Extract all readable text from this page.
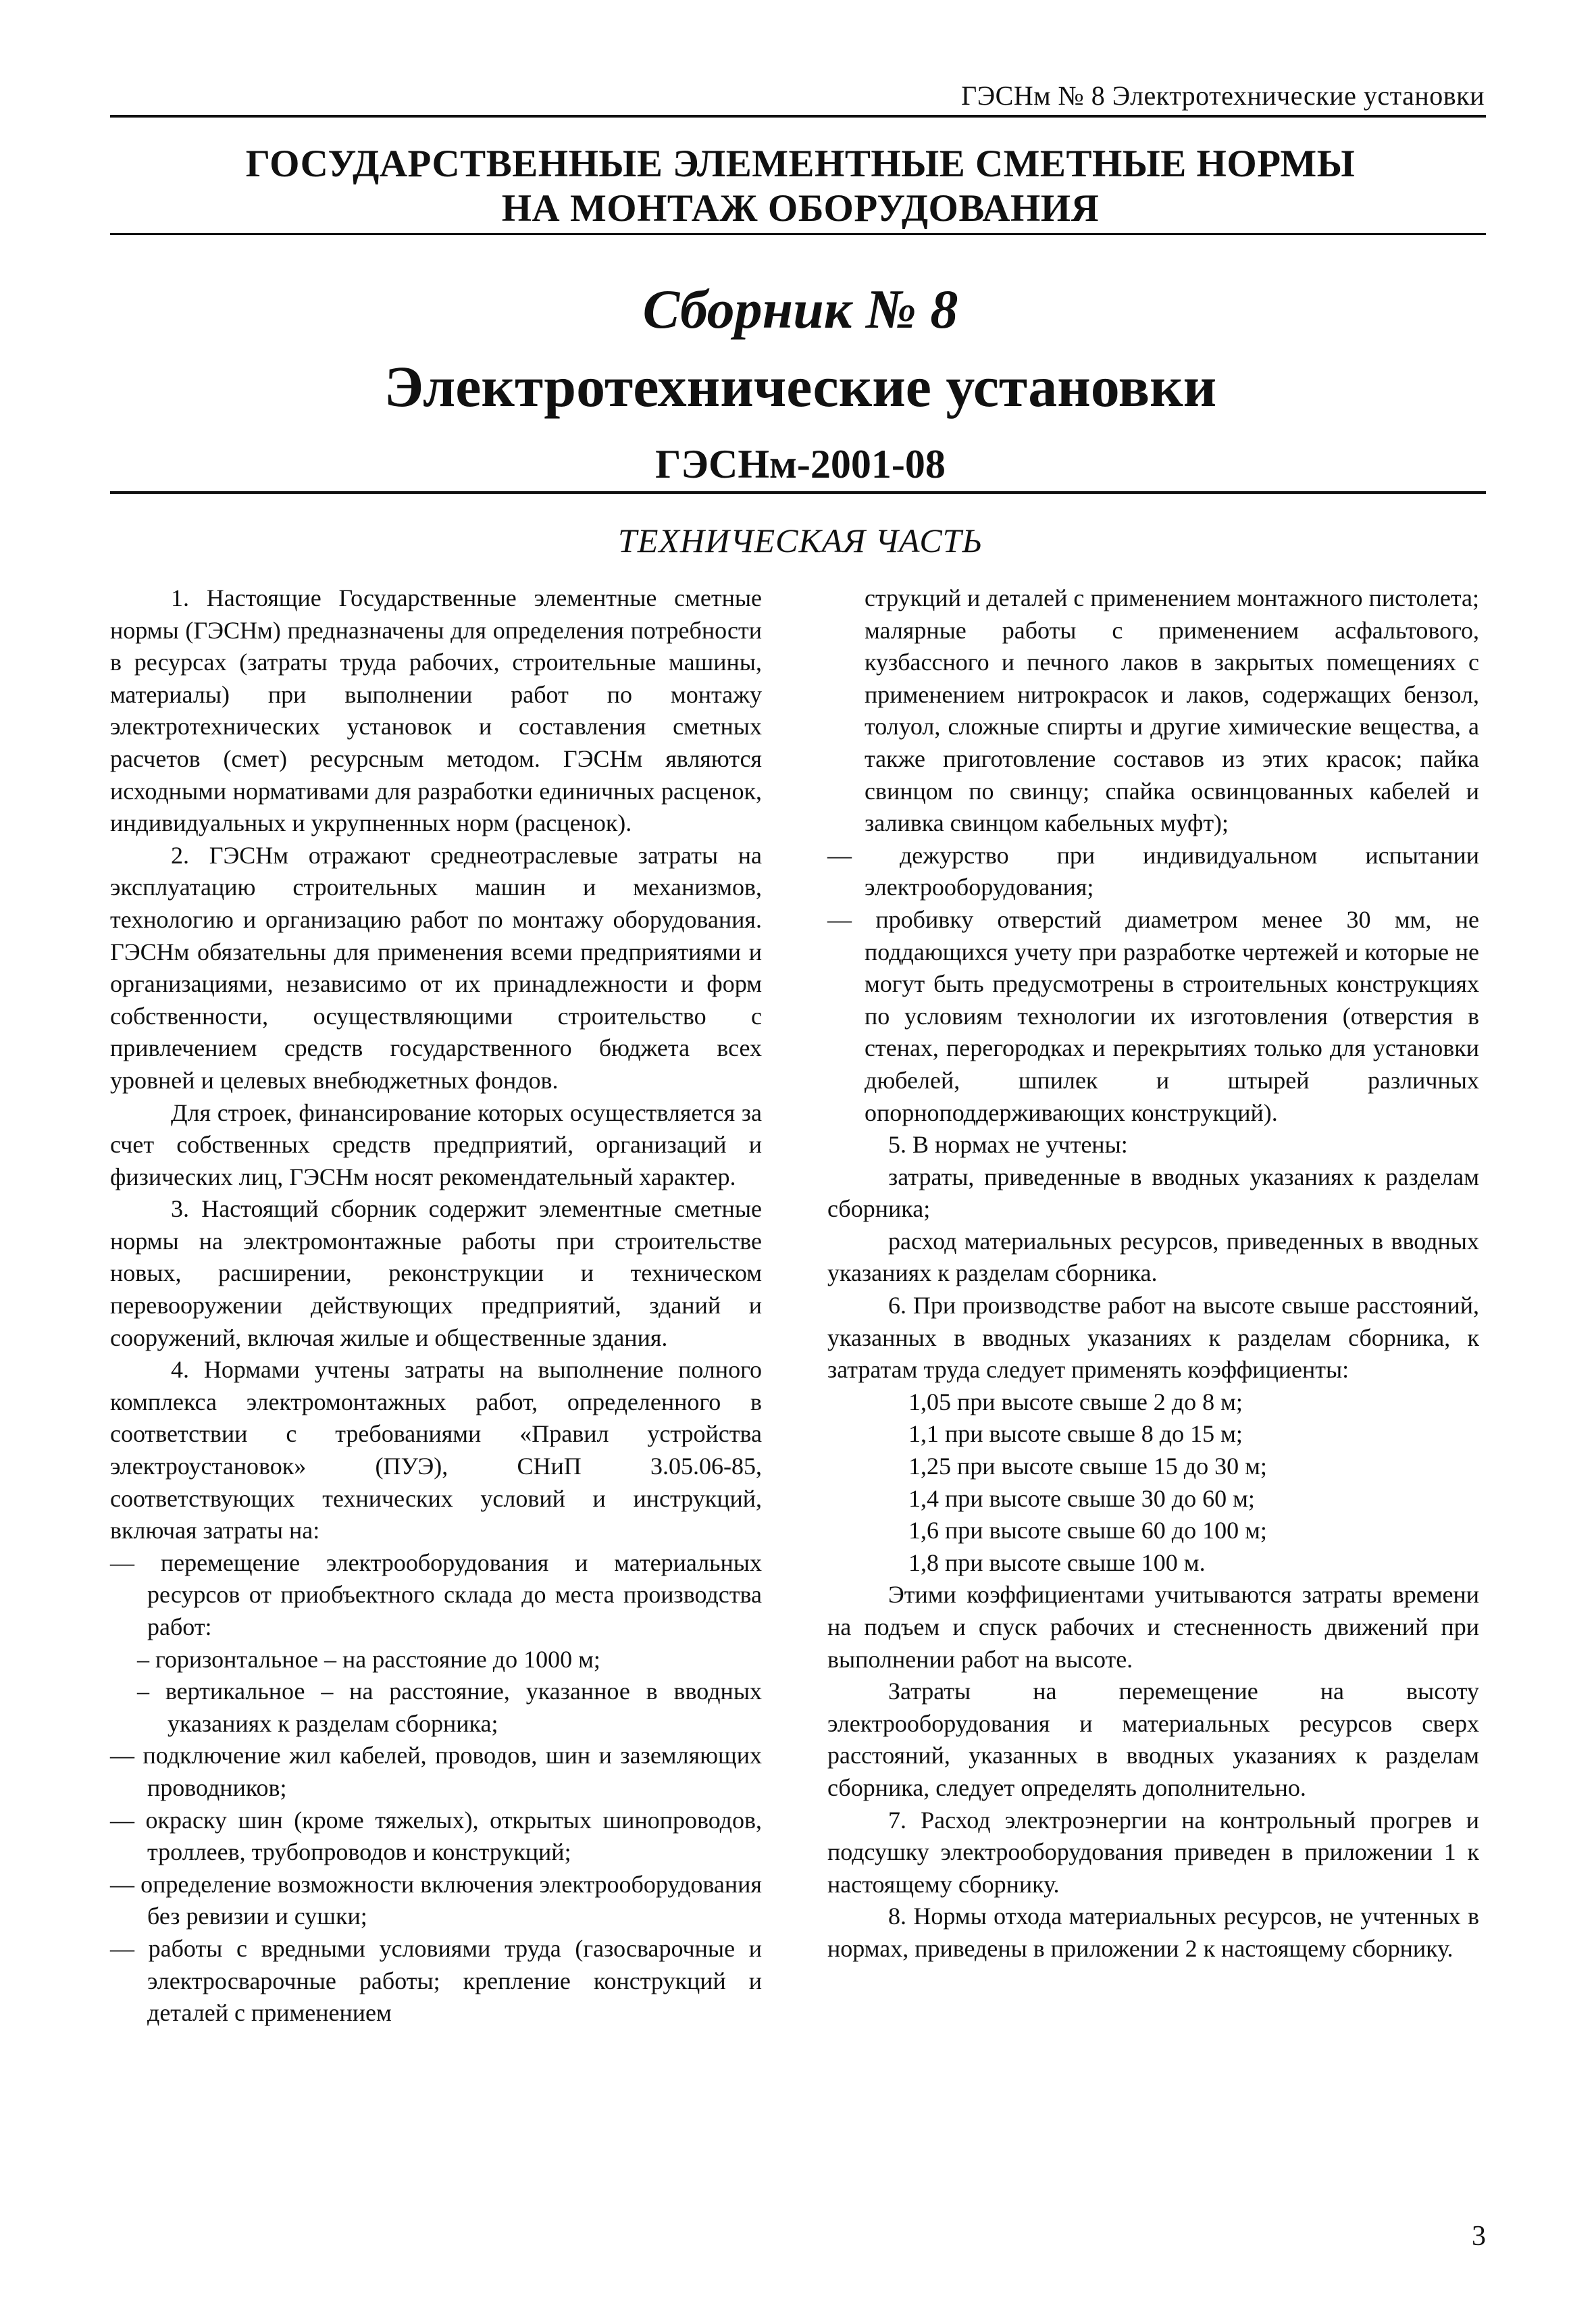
ГЭСНм № 8 Электротехнические установки
ГОСУДАРСТВЕННЫЕ ЭЛЕМЕНТНЫЕ СМЕТНЫЕ НОРМЫ
НА МОНТАЖ ОБОРУДОВАНИЯ
Сборник № 8
Электротехнические установки
ГЭСНм-2001-08
ТЕХНИЧЕСКАЯ ЧАСТЬ

1. Настоящие Государственные элементные сметные нормы (ГЭСНм) предназначены для определения потребности в ресурсах (затраты труда рабочих, строительные машины, материалы) при выполнении работ по монтажу электротехнических установок и составления сметных расчетов (смет) ресурсным методом. ГЭСНм являются исходными нормативами для разработки единичных расценок, индивидуальных и укрупненных норм (расценок).

2. ГЭСНм отражают среднеотраслевые затраты на эксплуатацию строительных машин и механизмов, технологию и организацию работ по монтажу оборудования. ГЭСНм обязательны для применения всеми предприятиями и организациями, независимо от их принадлежности и форм собственности, осуществляющими строительство с привлечением средств государственного бюджета всех уровней и целевых внебюджетных фондов.

Для строек, финансирование которых осуществляется за счет собственных средств предприятий, организаций и физических лиц, ГЭСНм носят рекомендательный характер.

3. Настоящий сборник содержит элементные сметные нормы на электромонтажные работы при строительстве новых, расширении, реконструкции и техническом перевооружении действующих предприятий, зданий и сооружений, включая жилые и общественные здания.

4. Нормами учтены затраты на выполнение полного комплекса электромонтажных работ, определенного в соответствии с требованиями «Правил устройства электроустановок» (ПУЭ), СНиП 3.05.06-85, соответствующих технических условий и инструкций, включая затраты на:

— перемещение электрооборудования и материальных ресурсов от приобъектного склада до места производства работ:

– горизонтальное – на расстояние до 1000 м;

– вертикальное – на расстояние, указанное в вводных указаниях к разделам сборника;

— подключение жил кабелей, проводов, шин и заземляющих проводников;

— окраску шин (кроме тяжелых), открытых шинопроводов, троллеев, трубопроводов и конструкций;

— определение возможности включения электрооборудования без ревизии и сушки;

— работы с вредными условиями труда (газосварочные и электросварочные работы; крепление конструкций и деталей с применением

струкций и деталей с применением монтажного пистолета; малярные работы с применением асфальтового, кузбассного и печного лаков в закрытых помещениях с применением нитрокрасок и лаков, содержащих бензол, толуол, сложные спирты и другие химические вещества, а также приготовление составов из этих красок; пайка свинцом по свинцу; спайка освинцованных кабелей и заливка свинцом кабельных муфт);

— дежурство при индивидуальном испытании электрооборудования;

— пробивку отверстий диаметром менее 30 мм, не поддающихся учету при разработке чертежей и которые не могут быть предусмотрены в строительных конструкциях по условиям технологии их изготовления (отверстия в стенах, перегородках и перекрытиях только для установки дюбелей, шпилек и штырей различных опорноподдерживающих конструкций).

5. В нормах не учтены:

затраты, приведенные в вводных указаниях к разделам сборника;

расход материальных ресурсов, приведенных в вводных указаниях к разделам сборника.

6. При производстве работ на высоте свыше расстояний, указанных в вводных указаниях к разделам сборника, к затратам труда следует применять коэффициенты:

1,05 при высоте свыше 2 до 8 м;

1,1 при высоте свыше 8 до 15 м;

1,25 при высоте свыше 15 до 30 м;

1,4 при высоте свыше 30 до 60 м;

1,6 при высоте свыше 60 до 100 м;

1,8 при высоте свыше 100 м.

Этими коэффициентами учитываются затраты времени на подъем и спуск рабочих и стесненность движений при выполнении работ на высоте.

Затраты на перемещение на высоту электрооборудования и материальных ресурсов сверх расстояний, указанных в вводных указаниях к разделам сборника, следует определять дополнительно.

7. Расход электроэнергии на контрольный прогрев и подсушку электрооборудования приведен в приложении 1 к настоящему сборнику.

8. Нормы отхода материальных ресурсов, не учтенных в нормах, приведены в приложении 2 к настоящему сборнику.

3
